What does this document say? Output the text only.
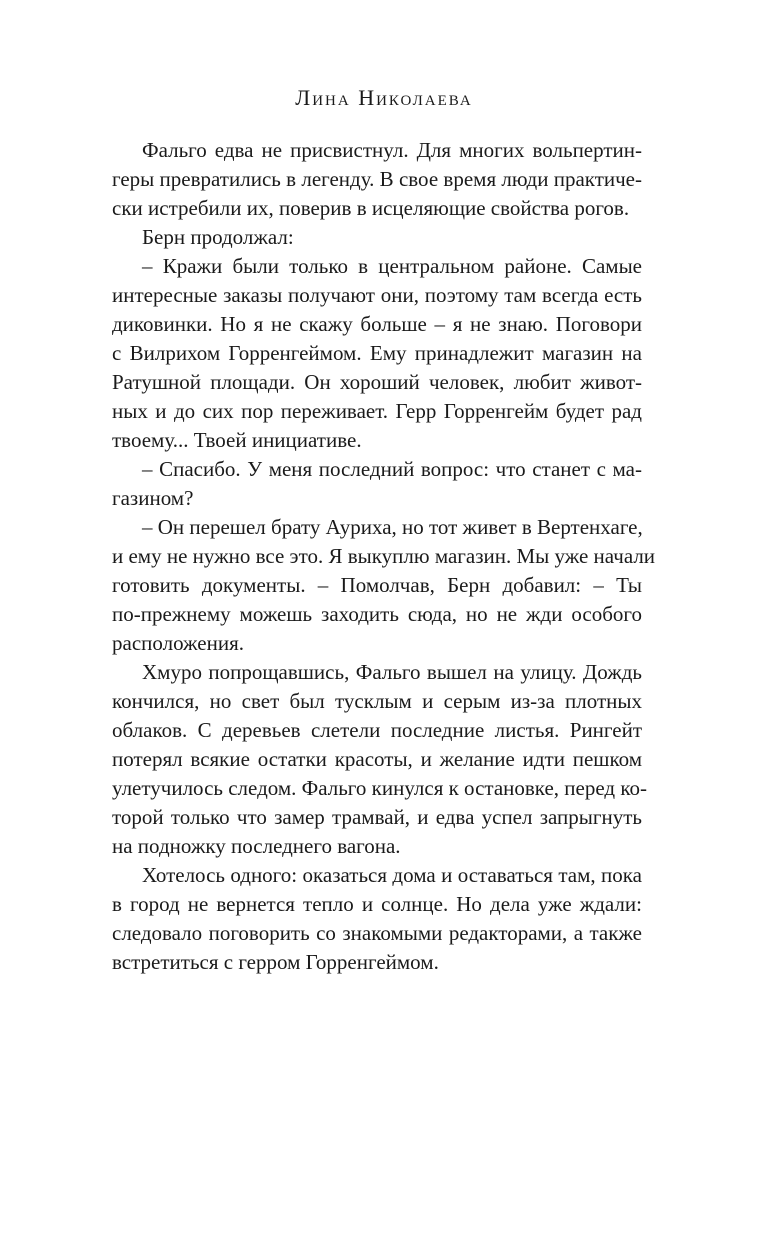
Лина Николаева
Фальго едва не присвистнул. Для многих вольпертин-
геры превратились в легенду. В свое время люди практиче-
ски истребили их, поверив в исцеляющие свойства рогов.
Берн продолжал:
– Кражи были только в центральном районе. Самые
интересные заказы получают они, поэтому там всегда есть
диковинки. Но я не скажу больше – я не знаю. Поговори
с Вилрихом Горренгеймом. Ему принадлежит магазин на
Ратушной площади. Он хороший человек, любит живот-
ных и до сих пор переживает. Герр Горренгейм будет рад
твоему... Твоей инициативе.
– Спасибо. У меня последний вопрос: что станет с ма-
газином?
– Он перешел брату Ауриха, но тот живет в Вертенхаге,
и ему не нужно все это. Я выкуплю магазин. Мы уже начали
готовить документы. – Помолчав, Берн добавил: – Ты
по-прежнему можешь заходить сюда, но не жди особого
расположения.
Хмуро попрощавшись, Фальго вышел на улицу. Дождь
кончился, но свет был тусклым и серым из-за плотных
облаков. С деревьев слетели последние листья. Рингейт
потерял всякие остатки красоты, и желание идти пешком
улетучилось следом. Фальго кинулся к остановке, перед ко-
торой только что замер трамвай, и едва успел запрыгнуть
на подножку последнего вагона.
Хотелось одного: оказаться дома и оставаться там, пока
в город не вернется тепло и солнце. Но дела уже ждали:
следовало поговорить со знакомыми редакторами, а также
встретиться с герром Горренгеймом.
